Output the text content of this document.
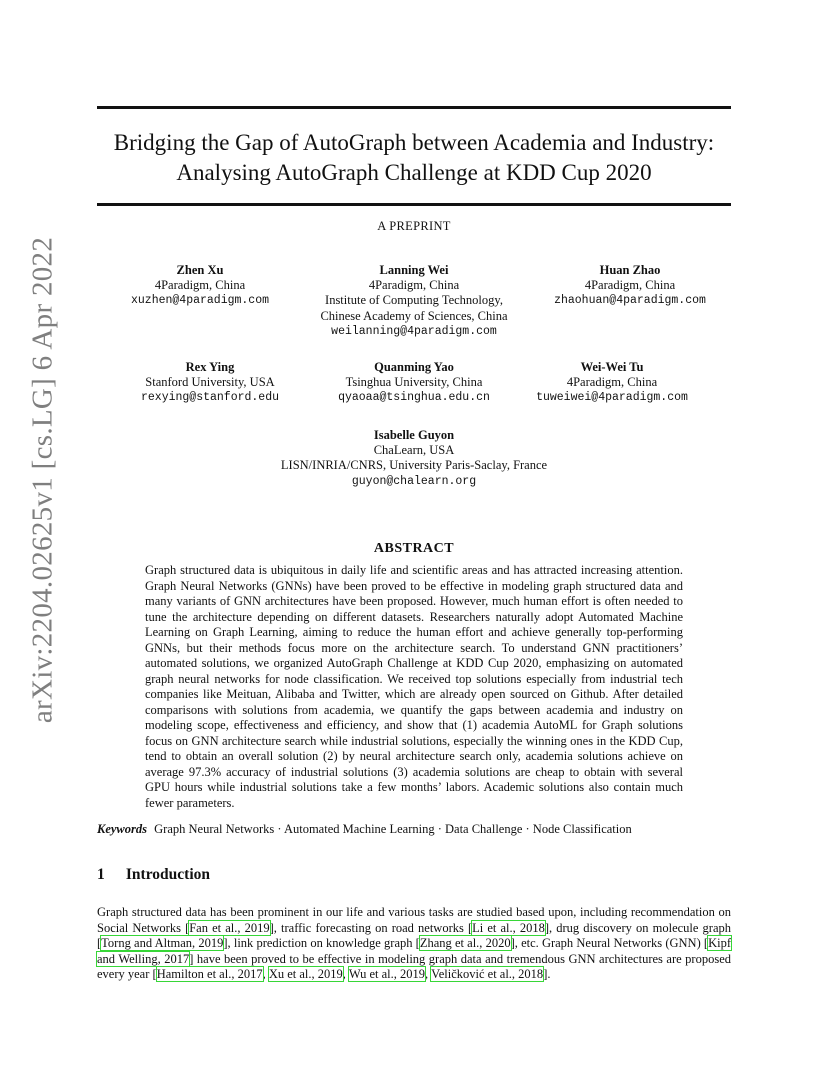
arXiv:2204.02625v1 [cs.LG] 6 Apr 2022
Bridging the Gap of AutoGraph between Academia and Industry:
Analysing AutoGraph Challenge at KDD Cup 2020
A PREPRINT
Zhen Xu
4Paradigm, China
xuzhen@4paradigm.com
Lanning Wei
4Paradigm, China
Institute of Computing Technology,
Chinese Academy of Sciences, China
weilanning@4paradigm.com
Huan Zhao
4Paradigm, China
zhaohuan@4paradigm.com
Rex Ying
Stanford University, USA
rexying@stanford.edu
Quanming Yao
Tsinghua University, China
qyaoaa@tsinghua.edu.cn
Wei-Wei Tu
4Paradigm, China
tuweiwei@4paradigm.com
Isabelle Guyon
ChaLearn, USA
LISN/INRIA/CNRS, University Paris-Saclay, France
guyon@chalearn.org
ABSTRACT
Graph structured data is ubiquitous in daily life and scientific areas and has attracted increasing attention. Graph Neural Networks (GNNs) have been proved to be effective in modeling graph structured data and many variants of GNN architectures have been proposed. However, much human effort is often needed to tune the architecture depending on different datasets. Researchers naturally adopt Automated Machine Learning on Graph Learning, aiming to reduce the human effort and achieve generally top-performing GNNs, but their methods focus more on the architecture search. To understand GNN practitioners’ automated solutions, we organized AutoGraph Challenge at KDD Cup 2020, emphasizing on automated graph neural networks for node classification. We received top solutions especially from industrial tech companies like Meituan, Alibaba and Twitter, which are already open sourced on Github. After detailed comparisons with solutions from academia, we quantify the gaps between academia and industry on modeling scope, effectiveness and efficiency, and show that (1) academia AutoML for Graph solutions focus on GNN architecture search while industrial solutions, especially the winning ones in the KDD Cup, tend to obtain an overall solution (2) by neural architecture search only, academia solutions achieve on average 97.3% accuracy of industrial solutions (3) academia solutions are cheap to obtain with several GPU hours while industrial solutions take a few months’ labors. Academic solutions also contain much fewer parameters.
Keywords Graph Neural Networks · Automated Machine Learning · Data Challenge · Node Classification
1 Introduction
Graph structured data has been prominent in our life and various tasks are studied based upon, including recommendation on Social Networks [Fan et al., 2019], traffic forecasting on road networks [Li et al., 2018], drug discovery on molecule graph [Torng and Altman, 2019], link prediction on knowledge graph [Zhang et al., 2020], etc. Graph Neural Networks (GNN) [Kipf and Welling, 2017] have been proved to be effective in modeling graph data and tremendous GNN architectures are proposed every year [Hamilton et al., 2017, Xu et al., 2019, Wu et al., 2019, Veličković et al., 2018].
